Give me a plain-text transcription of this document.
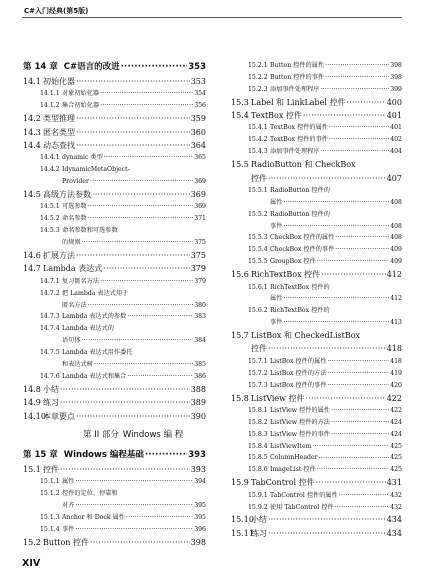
C#入门经典(第5版)
第 14 章 C#语言的改进 ·····	353
14.1 初始化器 ·····	353
14.1.1 对象初始化器 ·····	354
14.1.2 集合初始化器 ·····	356
14.2 类型推理 ·····	359
14.3 匿名类型 ·····	360
14.4 动态查找 ·····	364
14.4.1 dynamic 类型 ·····	365
14.4.2 IdynamicMetaObject-
Provider ·····	369
14.5 高级方法参数 ·····	369
14.5.1 可选参数 ·····	369
14.5.2 命名参数 ·····	371
14.5.3 命名参数和可选参数
的规则 ·····	375
14.6 扩展方法 ·····	375
14.7 Lambda 表达式 ·····	379
14.7.1 复习匿名方法 ·····	379
14.7.2 把 Lambda 表达式用于
匿名方法 ·····	380
14.7.3 Lambda 表达式的参数 ·····	383
14.7.4 Lambda 表达式的
语句体 ·····	384
14.7.5 Lambda 表达式用作委托
和表达式树 ·····	385
14.7.6 Lambda 表达式和集合 ·····	386
14.8 小结 ·····	388
14.9 练习 ·····	389
14.10
本章要点 ·····	390
第 II 部分 Windows 编 程
第 15 章 Windows 编程基础 ·····	393
15.1 控件 ·····	393
15.1.1 属性 ·····	394
15.1.2 控件的定位、停靠和
对齐 ·····	395
15.1.3 Anchor 和 Dock 属性 ·····	395
15.1.4 事件 ·····	396
15.2 Button 控件 ·····	398
15.2.1 Button 控件的属性 ·····	398
15.2.2 Button 控件的事件 ·····	398
15.2.3 添加事件处理程序 ·····	399
15.3 Label 和 LinkLabel 控件 ·····	400
15.4 TextBox 控件 ·····	401
15.4.1 TextBox 控件的属性 ·····	401
15.4.2 TextBox 控件的事件 ·····	402
15.4.3 添加事件处理程序 ·····	404
15.5 RadioButton 和 CheckBox
控件 ·····	407
15.5.1 RadioButton 控件的
属性 ·····	408
15.5.2 RadioButton 控件的
事件 ·····	408
15.5.3 CheckBox 控件的属性 ·····	408
15.5.4 CheckBox 控件的事件 ·····	409
15.5.5 GroupBox 控件 ·····	409
15.6 RichTextBox 控件 ·····	412
15.6.1 RichTextBox 控件的
属性 ·····	412
15.6.2 RichTextBox 控件的
事件 ·····	413
15.7 ListBox 和 CheckedListBox
控件 ·····	418
15.7.1 ListBox 控件的属性 ·····	418
15.7.2 ListBox 控件的方法 ·····	419
15.7.3 ListBox 控件的事件 ·····	420
15.8 ListView 控件 ·····	422
15.8.1 ListView 控件的属性 ·····	422
15.8.2 ListView 控件的方法 ·····	424
15.8.3 ListView 控件的事件 ·····	424
15.8.4 ListViewItem ·····	425
15.8.5 ColumnHeader ·····	425
15.8.6 ImageList 控件 ·····	425
15.9 TabControl 控件 ·····	431
15.9.1 TabControl 控件的属性 ·····	432
15.9.2 使用 TabControl 控件 ·····	432
15.10
小结 ·····	434
15.11
练习 ·····	434
XIV
